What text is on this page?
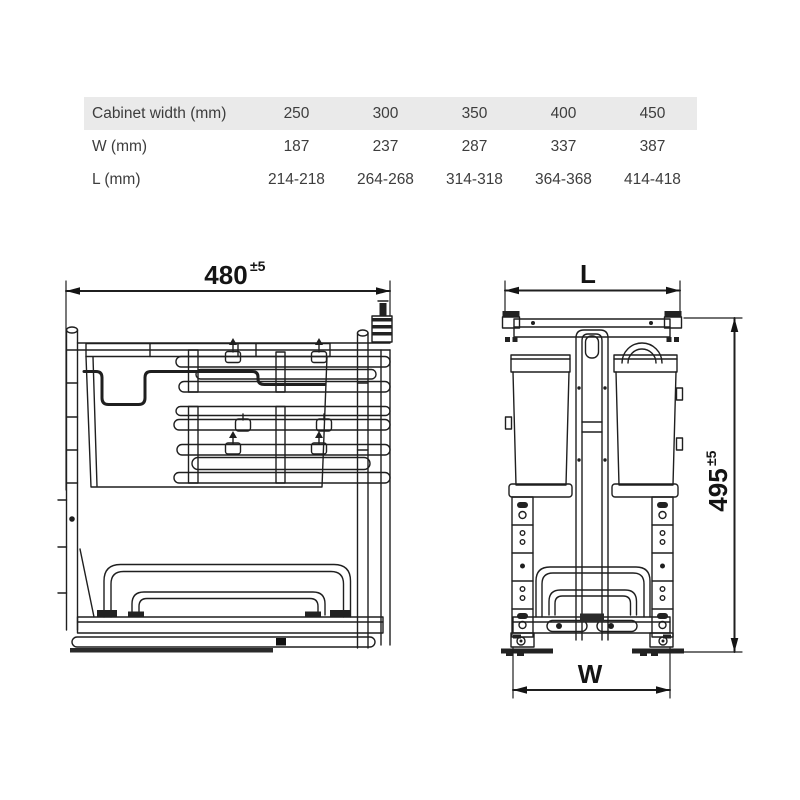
Cabinet width (mm)	250	300	350	400	450
W (mm)	187	237	287	337	387
L (mm)	214-218	264-268	314-318	364-368	414-418
480 ±5	L
495
±5
W
